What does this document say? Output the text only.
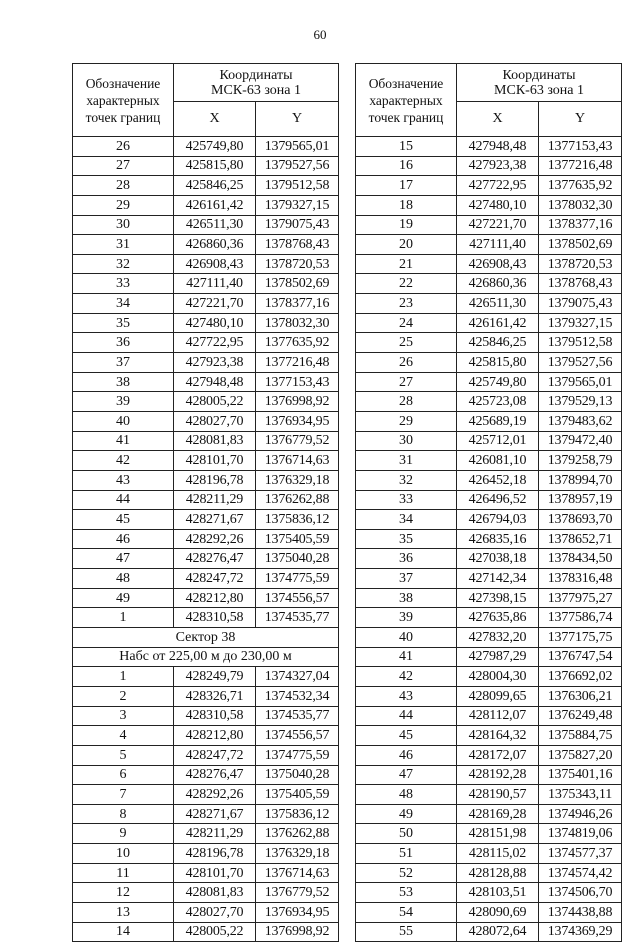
60
Обозначение характерных точек границ	Координаты
МСК-63 зона 1	

	X	Y
26	425749,80	1379565,01
27	425815,80	1379527,56
28	425846,25	1379512,58
29	426161,42	1379327,15
30	426511,30	1379075,43
31	426860,36	1378768,43
32	426908,43	1378720,53
33	427111,40	1378502,69
34	427221,70	1378377,16
35	427480,10	1378032,30
36	427722,95	1377635,92
37	427923,38	1377216,48
38	427948,48	1377153,43
39	428005,22	1376998,92
40	428027,70	1376934,95
41	428081,83	1376779,52
42	428101,70	1376714,63
43	428196,78	1376329,18
44	428211,29	1376262,88
45	428271,67	1375836,12
46	428292,26	1375405,59
47	428276,47	1375040,28
48	428247,72	1374775,59
49	428212,80	1374556,57
1	428310,58	1374535,77
Сектор 38		
Набс от 225,00 м до 230,00 м		
1	428249,79	1374327,04
2	428326,71	1374532,34
3	428310,58	1374535,77
4	428212,80	1374556,57
5	428247,72	1374775,59
6	428276,47	1375040,28
7	428292,26	1375405,59
8	428271,67	1375836,12
9	428211,29	1376262,88
10	428196,78	1376329,18
11	428101,70	1376714,63
12	428081,83	1376779,52
13	428027,70	1376934,95
14	428005,22	1376998,92
Обозначение характерных точек границ	Координаты
МСК-63 зона 1	

	X	Y
15	427948,48	1377153,43
16	427923,38	1377216,48
17	427722,95	1377635,92
18	427480,10	1378032,30
19	427221,70	1378377,16
20	427111,40	1378502,69
21	426908,43	1378720,53
22	426860,36	1378768,43
23	426511,30	1379075,43
24	426161,42	1379327,15
25	425846,25	1379512,58
26	425815,80	1379527,56
27	425749,80	1379565,01
28	425723,08	1379529,13
29	425689,19	1379483,62
30	425712,01	1379472,40
31	426081,10	1379258,79
32	426452,18	1378994,70
33	426496,52	1378957,19
34	426794,03	1378693,70
35	426835,16	1378652,71
36	427038,18	1378434,50
37	427142,34	1378316,48
38	427398,15	1377975,27
39	427635,86	1377586,74
40	427832,20	1377175,75
41	427987,29	1376747,54
42	428004,30	1376692,02
43	428099,65	1376306,21
44	428112,07	1376249,48
45	428164,32	1375884,75
46	428172,07	1375827,20
47	428192,28	1375401,16
48	428190,57	1375343,11
49	428169,28	1374946,26
50	428151,98	1374819,06
51	428115,02	1374577,37
52	428128,88	1374574,42
53	428103,51	1374506,70
54	428090,69	1374438,88
55	428072,64	1374369,29
